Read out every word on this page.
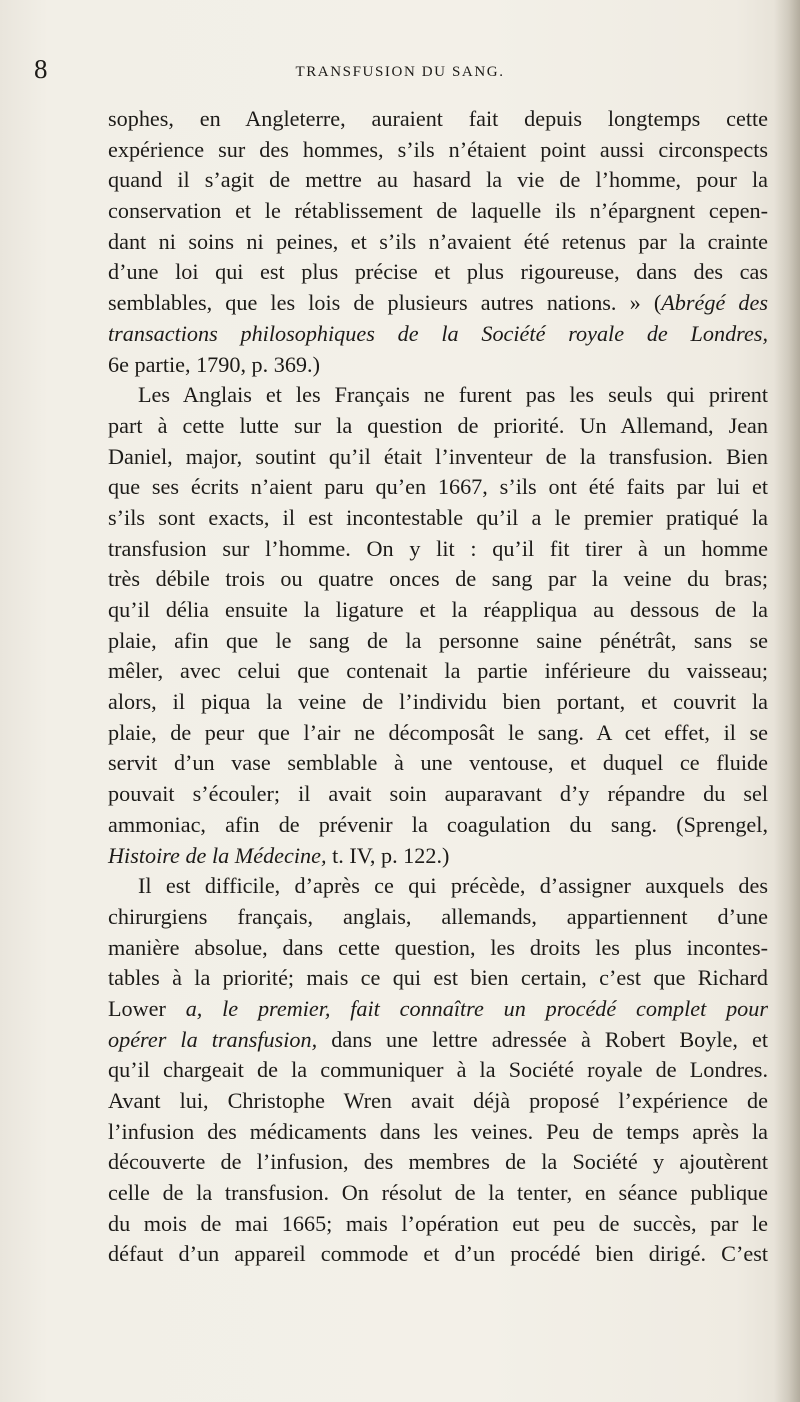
8	TRANSFUSION DU SANG.
sophes, en Angleterre, auraient fait depuis longtemps cette
expérience sur des hommes, s’ils n’étaient point aussi circonspects
quand il s’agit de mettre au hasard la vie de l’homme, pour la
conservation et le rétablissement de laquelle ils n’épargnent cepen-
dant ni soins ni peines, et s’ils n’avaient été retenus par la crainte
d’une loi qui est plus précise et plus rigoureuse, dans des cas
semblables, que les lois de plusieurs autres nations. » (Abrégé des
transactions philosophiques de la Société royale de Londres,
6e partie, 1790, p. 369.)
Les Anglais et les Français ne furent pas les seuls qui prirent
part à cette lutte sur la question de priorité. Un Allemand, Jean
Daniel, major, soutint qu’il était l’inventeur de la transfusion. Bien
que ses écrits n’aient paru qu’en 1667, s’ils ont été faits par lui et
s’ils sont exacts, il est incontestable qu’il a le premier pratiqué la
transfusion sur l’homme. On y lit : qu’il fit tirer à un homme
très débile trois ou quatre onces de sang par la veine du bras;
qu’il délia ensuite la ligature et la réappliqua au dessous de la
plaie, afin que le sang de la personne saine pénétrât, sans se
mêler, avec celui que contenait la partie inférieure du vaisseau;
alors, il piqua la veine de l’individu bien portant, et couvrit la
plaie, de peur que l’air ne décomposât le sang. A cet effet, il se
servit d’un vase semblable à une ventouse, et duquel ce fluide
pouvait s’écouler; il avait soin auparavant d’y répandre du sel
ammoniac, afin de prévenir la coagulation du sang. (Sprengel,
Histoire de la Médecine, t. IV, p. 122.)
Il est difficile, d’après ce qui précède, d’assigner auxquels des
chirurgiens français, anglais, allemands, appartiennent d’une
manière absolue, dans cette question, les droits les plus incontes-
tables à la priorité; mais ce qui est bien certain, c’est que Richard
Lower a, le premier, fait connaître un procédé complet pour
opérer la transfusion, dans une lettre adressée à Robert Boyle, et
qu’il chargeait de la communiquer à la Société royale de Londres.
Avant lui, Christophe Wren avait déjà proposé l’expérience de
l’infusion des médicaments dans les veines. Peu de temps après la
découverte de l’infusion, des membres de la Société y ajoutèrent
celle de la transfusion. On résolut de la tenter, en séance publique
du mois de mai 1665; mais l’opération eut peu de succès, par le
défaut d’un appareil commode et d’un procédé bien dirigé. C’est
